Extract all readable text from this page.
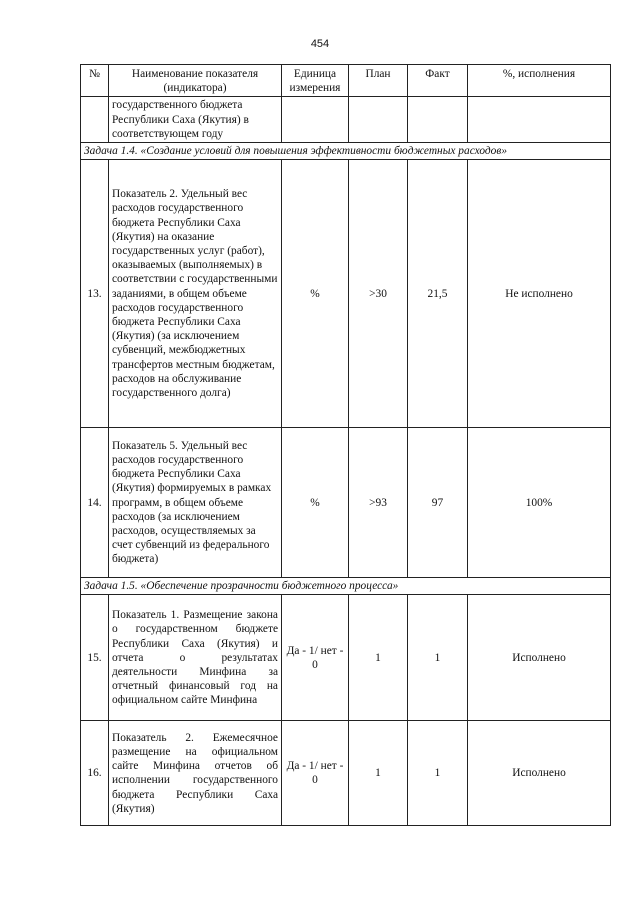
454
№	Наименование показателя (индикатора)	Единица измерения	План	Факт	%, исполнения
	государственного бюджета Республики Саха (Якутия) в соответствующем году				
Задача 1.4. «Создание условий для повышения эффективности бюджетных расходов»					
13.	Показатель 2. Удельный вес расходов государственного бюджета Республики Саха (Якутия) на оказание государственных услуг (работ), оказываемых (выполняемых) в соответствии с государственными заданиями, в общем объеме расходов государственного бюджета Республики Саха (Якутия) (за исключением субвенций, межбюджетных трансфертов местным бюджетам, расходов на обслуживание государственного долга)	%	>30	21,5	Не исполнено
14.	Показатель 5. Удельный вес расходов государственного бюджета Республики Саха (Якутия) формируемых в рамках программ, в общем объеме расходов (за исключением расходов, осуществляемых за счет субвенций из федерального бюджета)	%	>93	97	100%
Задача 1.5. «Обеспечение прозрачности бюджетного процесса»					
15.	Показатель 1. Размещение закона о государственном бюджете Республики Саха (Якутия) и отчета о результатах деятельности Минфина за отчетный финансовый год на официальном сайте Минфина	Да - 1/ нет - 0	1	1	Исполнено
16.	Показатель 2. Ежемесячное размещение на официальном сайте Минфина отчетов об исполнении государственного бюджета Республики Саха (Якутия)	Да - 1/ нет - 0	1	1	Исполнено
